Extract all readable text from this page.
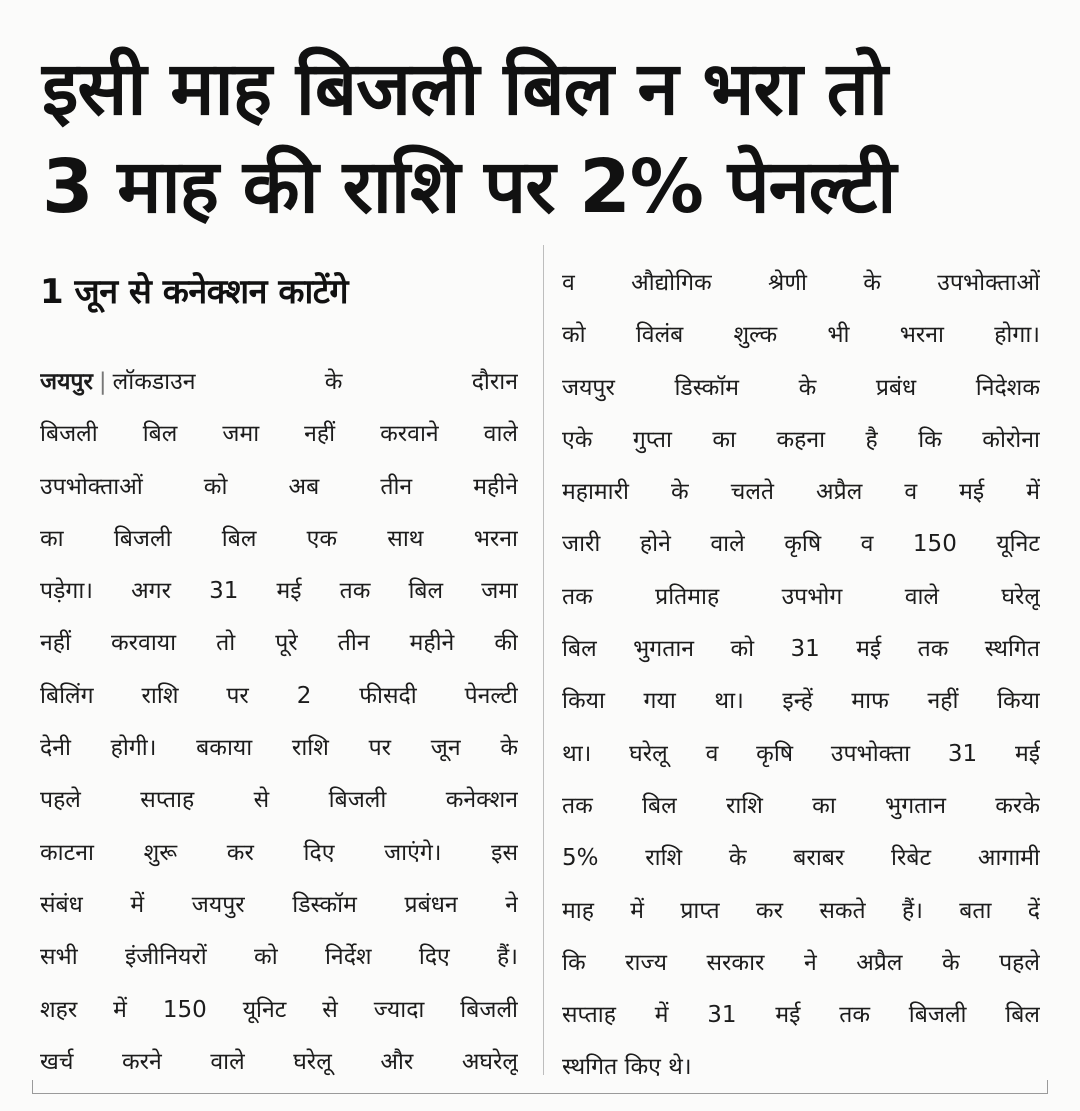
इसी माह बिजली बिल न भरा तो
3 माह की राशि पर 2% पेनल्टी
1 जून से कनेक्शन काटेंगे
जयपुर | लॉकडाउन के दौरान
बिजली बिल जमा नहीं करवाने वाले
उपभोक्ताओं को अब तीन महीने
का बिजली बिल एक साथ भरना
पड़ेगा। अगर 31 मई तक बिल जमा
नहीं करवाया तो पूरे तीन महीने की
बिलिंग राशि पर 2 फीसदी पेनल्टी
देनी होगी। बकाया राशि पर जून के
पहले सप्ताह से बिजली कनेक्शन
काटना शुरू कर दिए जाएंगे। इस
संबंध में जयपुर डिस्कॉम प्रबंधन ने
सभी इंजीनियरों को निर्देश दिए हैं।
शहर में 150 यूनिट से ज्यादा बिजली
खर्च करने वाले घरेलू और अघरेलू
व औद्योगिक श्रेणी के उपभोक्ताओं
को विलंब शुल्क भी भरना होगा।
जयपुर डिस्कॉम के प्रबंध निदेशक
एके गुप्ता का कहना है कि कोरोना
महामारी के चलते अप्रैल व मई में
जारी होने वाले कृषि व 150 यूनिट
तक प्रतिमाह उपभोग वाले घरेलू
बिल भुगतान को 31 मई तक स्थगित
किया गया था। इन्हें माफ नहीं किया
था। घरेलू व कृषि उपभोक्ता 31 मई
तक बिल राशि का भुगतान करके
5% राशि के बराबर रिबेट आगामी
माह में प्राप्त कर सकते हैं। बता दें
कि राज्य सरकार ने अप्रैल के पहले
सप्ताह में 31 मई तक बिजली बिल
स्थगित किए थे।
